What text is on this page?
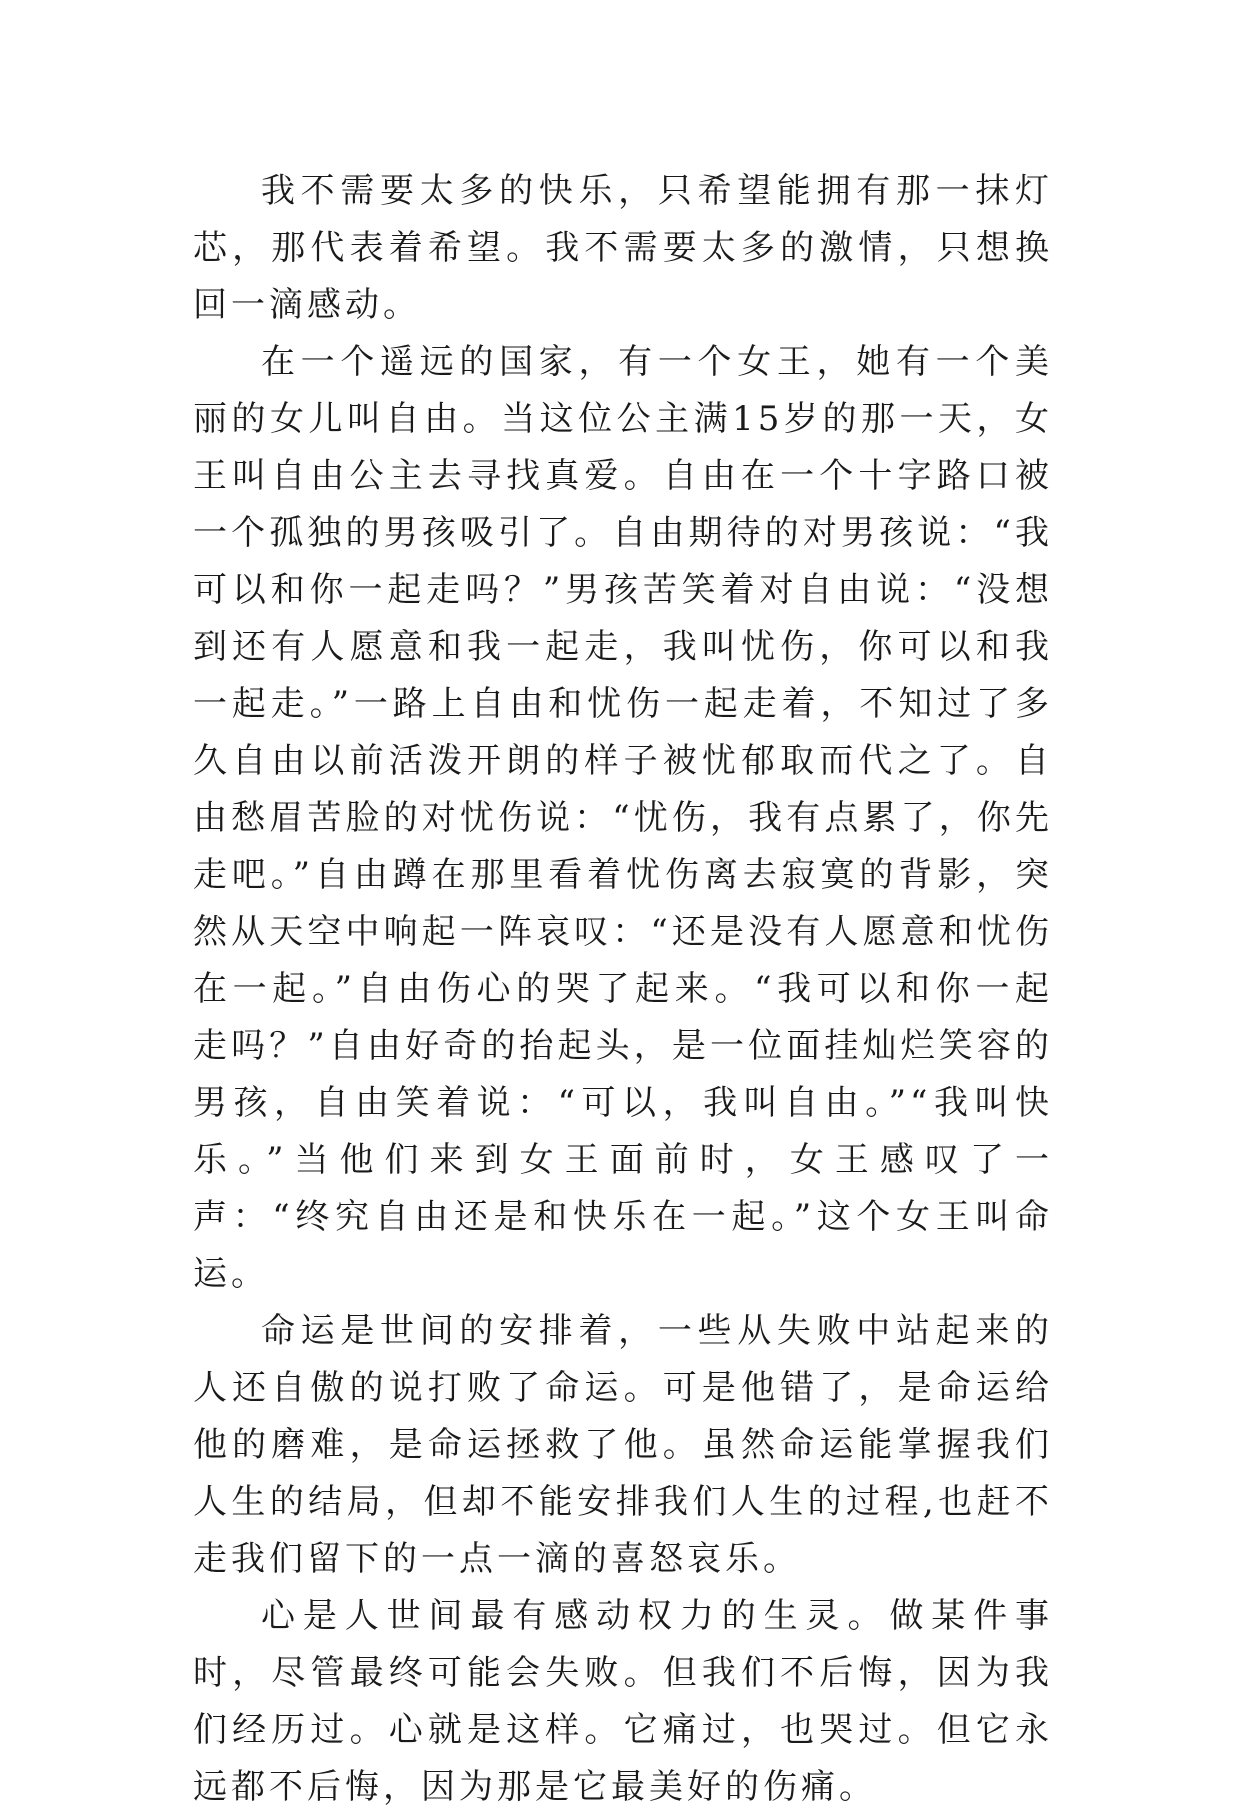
我不需要太多的快乐，只希望能拥有那一抹灯芯，那代表着希望。我不需要太多的激情，只想换回一滴感动。

在一个遥远的国家，有一个女王，她有一个美丽的女儿叫自由。当这位公主满15岁的那一天，女王叫自由公主去寻找真爱。自由在一个十字路口被一个孤独的男孩吸引了。自由期待的对男孩说：“我可以和你一起走吗？”男孩苦笑着对自由说：“没想到还有人愿意和我一起走，我叫忧伤，你可以和我一起走。”一路上自由和忧伤一起走着，不知过了多久自由以前活泼开朗的样子被忧郁取而代之了。自由愁眉苦脸的对忧伤说：“忧伤，我有点累了，你先走吧。”自由蹲在那里看着忧伤离去寂寞的背影，突然从天空中响起一阵哀叹：“还是没有人愿意和忧伤在一起。”自由伤心的哭了起来。“我可以和你一起走吗？”自由好奇的抬起头，是一位面挂灿烂笑容的男孩，自由笑着说：“可以，我叫自由。”“我叫快乐。”当他们来到女王面前时，女王感叹了一声：“终究自由还是和快乐在一起。”这个女王叫命运。

命运是世间的安排着，一些从失败中站起来的人还自傲的说打败了命运。可是他错了，是命运给他的磨难，是命运拯救了他。虽然命运能掌握我们人生的结局，但却不能安排我们人生的过程,也赶不走我们留下的一点一滴的喜怒哀乐。

心是人世间最有感动权力的生灵。做某件事时，尽管最终可能会失败。但我们不后悔，因为我们经历过。心就是这样。它痛过，也哭过。但它永远都不后悔，因为那是它最美好的伤痛。
